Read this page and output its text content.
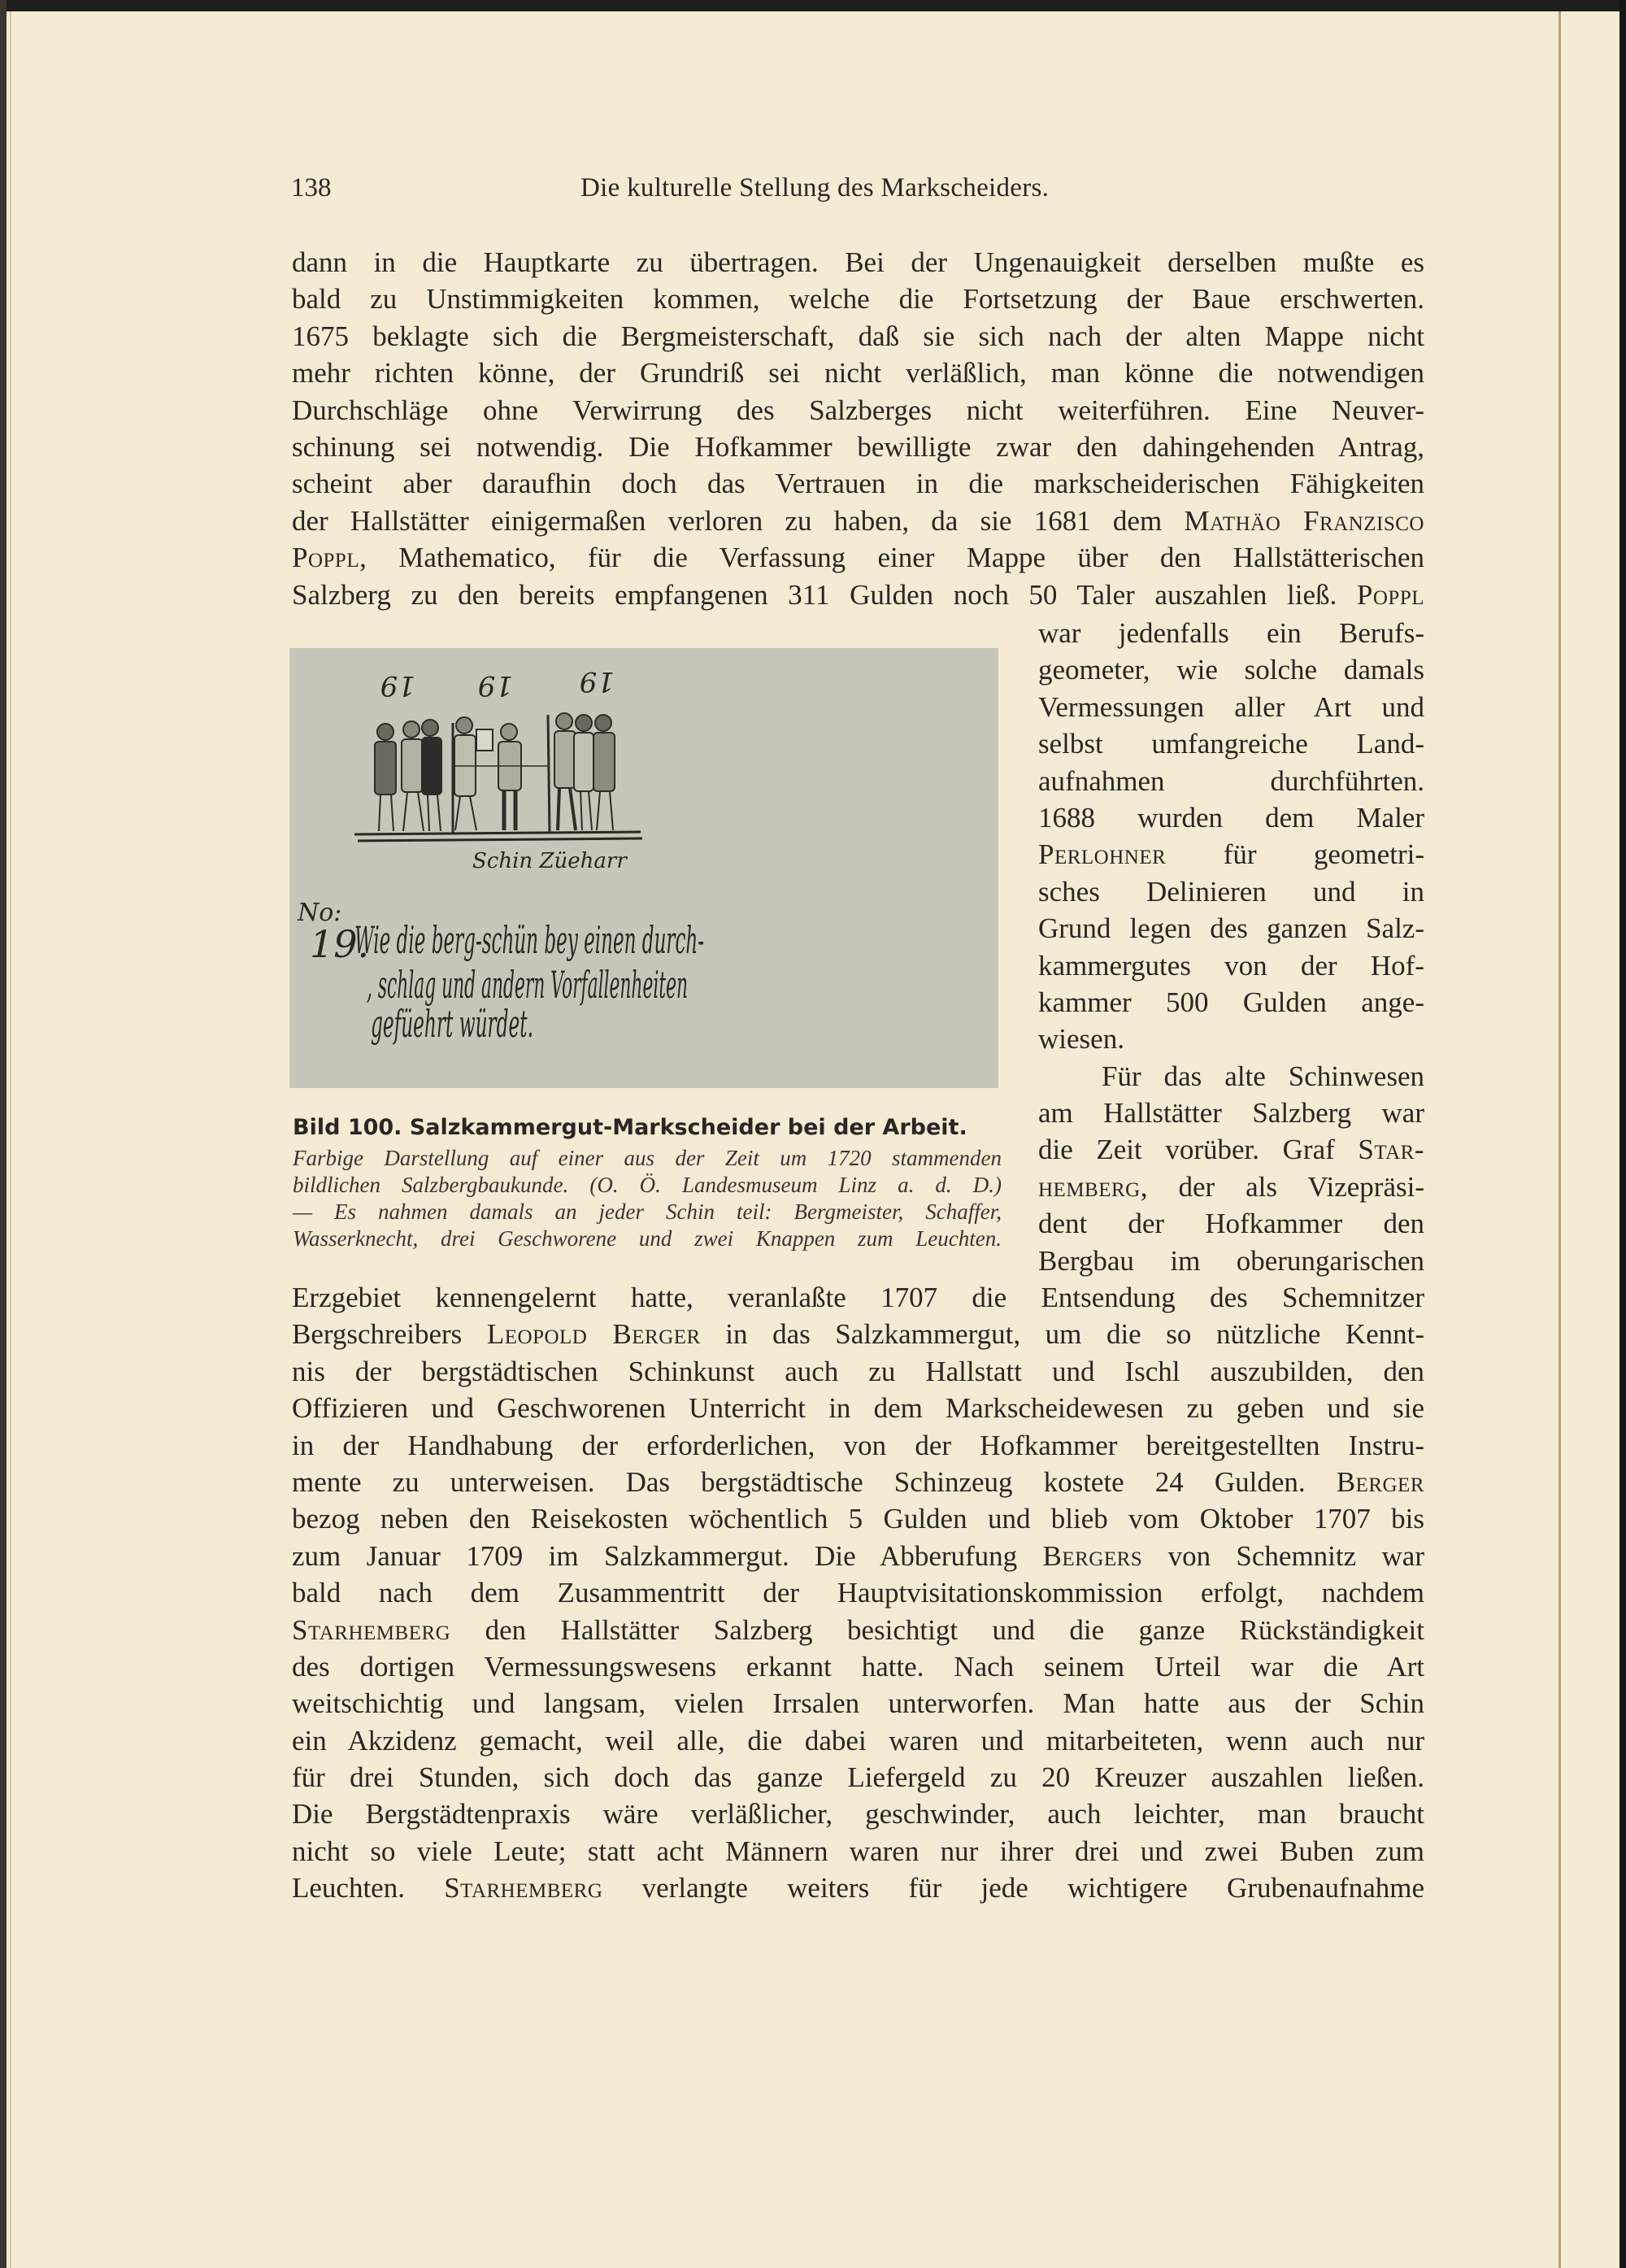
138	Die kulturelle Stellung des Markscheiders.
dann in die Hauptkarte zu übertragen. Bei der Ungenauigkeit derselben mußte es
bald zu Unstimmigkeiten kommen, welche die Fortsetzung der Baue erschwerten.
1675 beklagte sich die Bergmeisterschaft, daß sie sich nach der alten Mappe nicht
mehr richten könne, der Grundriß sei nicht verläßlich, man könne die notwendigen
Durchschläge ohne Verwirrung des Salzberges nicht weiterführen. Eine Neuver-
schinung sei notwendig. Die Hofkammer bewilligte zwar den dahingehenden Antrag,
scheint aber daraufhin doch das Vertrauen in die markscheiderischen Fähigkeiten
der Hallstätter einigermaßen verloren zu haben, da sie 1681 dem Mathäo Franzisco
Poppl, Mathematico, für die Verfassung einer Mappe über den Hallstätterischen
Salzberg zu den bereits empfangenen 311 Gulden noch 50 Taler auszahlen ließ. Poppl
19 19 19
Schin Züeharr
No:
19.
Wie die berg-schün bey einen durch-
, schlag und andern Vorfallenheiten
gefüehrt würdet.
Bild 100. Salzkammergut-Markscheider bei der Arbeit.
Farbige Darstellung auf einer aus der Zeit um 1720 stammenden
bildlichen Salzbergbaukunde. (O. Ö. Landesmuseum Linz a. d. D.)
— Es nahmen damals an jeder Schin teil: Bergmeister, Schaffer,
Wasserknecht, drei Geschworene und zwei Knappen zum Leuchten.
war jedenfalls ein Berufs-
geometer, wie solche damals
Vermessungen aller Art und
selbst umfangreiche Land-
aufnahmen durchführten.
1688 wurden dem Maler
Perlohner für geometri-
sches Delinieren und in
Grund legen des ganzen Salz-
kammergutes von der Hof-
kammer 500 Gulden ange-
wiesen.
Für das alte Schinwesen
am Hallstätter Salzberg war
die Zeit vorüber. Graf Star-
hemberg, der als Vizepräsi-
dent der Hofkammer den
Bergbau im oberungarischen
Erzgebiet kennengelernt hatte, veranlaßte 1707 die Entsendung des Schemnitzer
Bergschreibers Leopold Berger in das Salzkammergut, um die so nützliche Kennt-
nis der bergstädtischen Schinkunst auch zu Hallstatt und Ischl auszubilden, den
Offizieren und Geschworenen Unterricht in dem Markscheidewesen zu geben und sie
in der Handhabung der erforderlichen, von der Hofkammer bereitgestellten Instru-
mente zu unterweisen. Das bergstädtische Schinzeug kostete 24 Gulden. Berger
bezog neben den Reisekosten wöchentlich 5 Gulden und blieb vom Oktober 1707 bis
zum Januar 1709 im Salzkammergut. Die Abberufung Bergers von Schemnitz war
bald nach dem Zusammentritt der Hauptvisitationskommission erfolgt, nachdem
Starhemberg den Hallstätter Salzberg besichtigt und die ganze Rückständigkeit
des dortigen Vermessungswesens erkannt hatte. Nach seinem Urteil war die Art
weitschichtig und langsam, vielen Irrsalen unterworfen. Man hatte aus der Schin
ein Akzidenz gemacht, weil alle, die dabei waren und mitarbeiteten, wenn auch nur
für drei Stunden, sich doch das ganze Liefergeld zu 20 Kreuzer auszahlen ließen.
Die Bergstädtenpraxis wäre verläßlicher, geschwinder, auch leichter, man braucht
nicht so viele Leute; statt acht Männern waren nur ihrer drei und zwei Buben zum
Leuchten. Starhemberg verlangte weiters für jede wichtigere Grubenaufnahme
